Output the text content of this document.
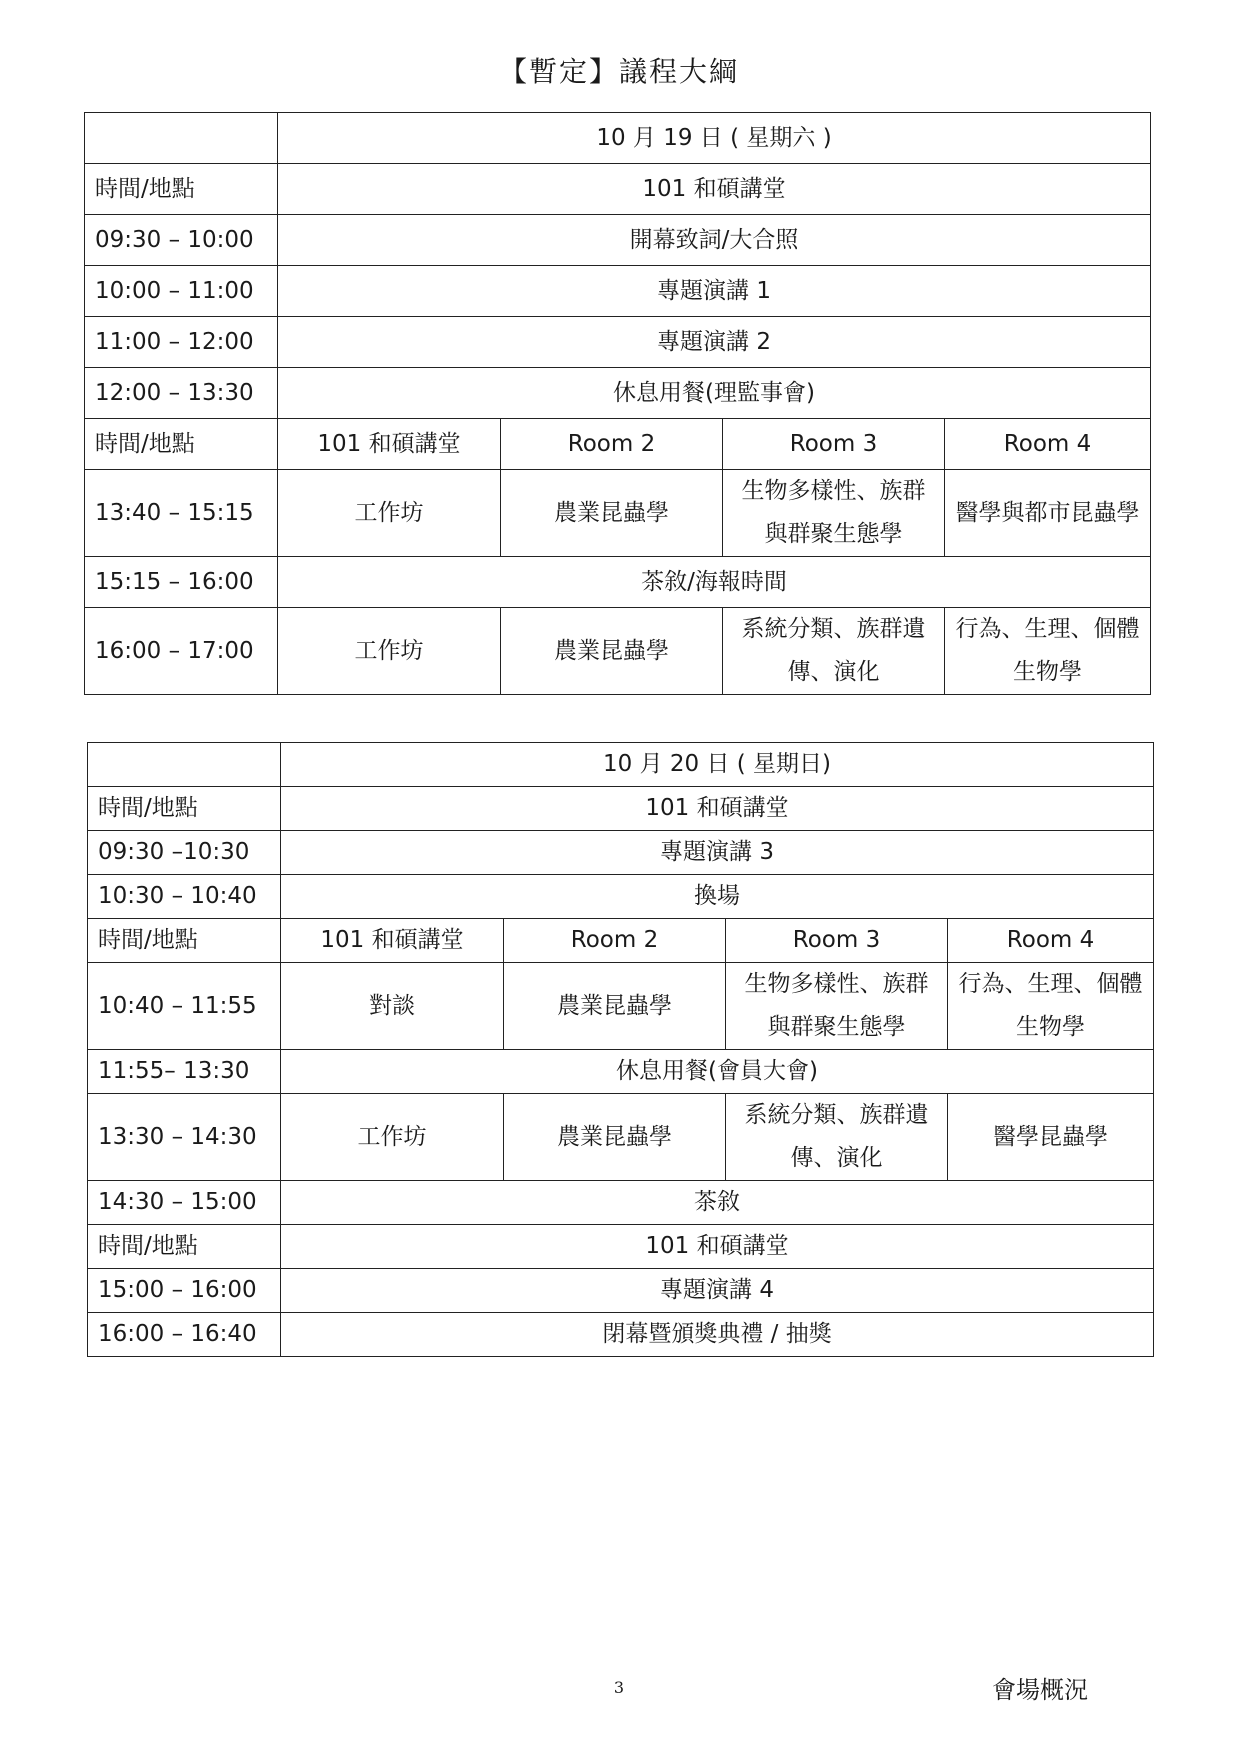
【暫定】議程大綱
	10 月 19 日 ( 星期六 )			
時間/地點	101 和碩講堂			
09:30 – 10:00	開幕致詞/大合照			
10:00 – 11:00	專題演講 1			
11:00 – 12:00	專題演講 2			
12:00 – 13:30	休息用餐(理監事會)			
時間/地點	101 和碩講堂	Room 2	Room 3	Room 4
13:40 – 15:15	工作坊	農業昆蟲學	生物多樣性、族群與群聚生態學	醫學與都市昆蟲學
15:15 – 16:00	茶敘/海報時間			
16:00 – 17:00	工作坊	農業昆蟲學	系統分類、族群遺傳、演化	行為、生理、個體生物學
	10 月 20 日 ( 星期日)			
時間/地點	101 和碩講堂			
09:30 –10:30	專題演講 3			
10:30 – 10:40	換場			
時間/地點	101 和碩講堂	Room 2	Room 3	Room 4
10:40 – 11:55	對談	農業昆蟲學	生物多樣性、族群與群聚生態學	行為、生理、個體生物學
11:55– 13:30	休息用餐(會員大會)			
13:30 – 14:30	工作坊	農業昆蟲學	系統分類、族群遺傳、演化	醫學昆蟲學
14:30 – 15:00	茶敘			
時間/地點	101 和碩講堂			
15:00 – 16:00	專題演講 4			
16:00 – 16:40	閉幕暨頒獎典禮 / 抽獎			
3	會場概況
